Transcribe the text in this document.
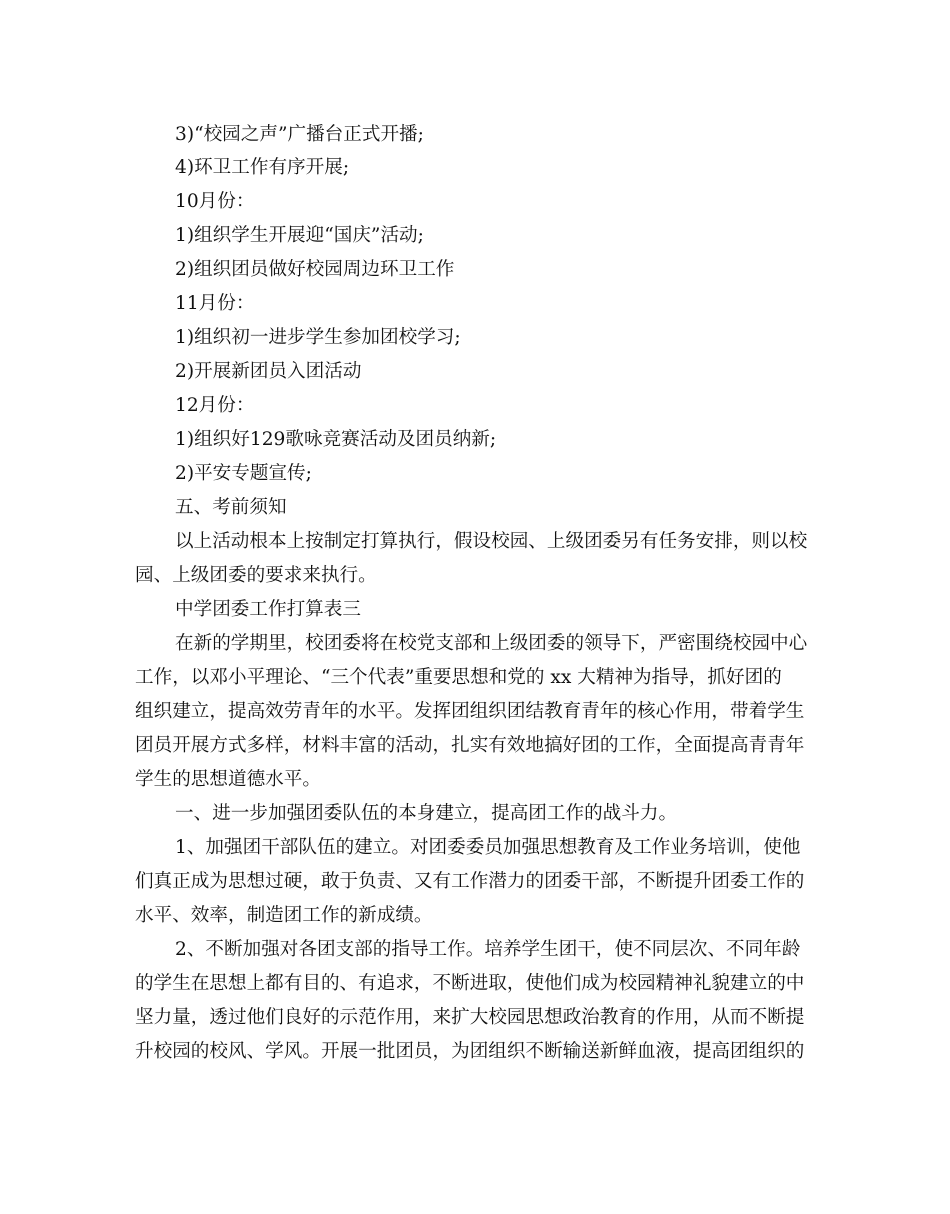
3)“校园之声”广播台正式开播;
4)环卫工作有序开展;
10月份：
1)组织学生开展迎“国庆”活动;
2)组织团员做好校园周边环卫工作
11月份：
1)组织初一进步学生参加团校学习;
2)开展新团员入团活动
12月份：
1)组织好129歌咏竞赛活动及团员纳新;
2)平安专题宣传;
五、考前须知
以上活动根本上按制定打算执行，假设校园、上级团委另有任务安排，则以校
园、上级团委的要求来执行。
中学团委工作打算表三
在新的学期里，校团委将在校党支部和上级团委的领导下，严密围绕校园中心
工作，以邓小平理论、“三个代表”重要思想和党的 xx 大精神为指导，抓好团的
组织建立，提高效劳青年的水平。发挥团组织团结教育青年的核心作用，带着学生
团员开展方式多样，材料丰富的活动，扎实有效地搞好团的工作，全面提高青青年
学生的思想道德水平。
一、进一步加强团委队伍的本身建立，提高团工作的战斗力。
1、加强团干部队伍的建立。对团委委员加强思想教育及工作业务培训，使他
们真正成为思想过硬，敢于负责、又有工作潜力的团委干部，不断提升团委工作的
水平、效率，制造团工作的新成绩。
2、不断加强对各团支部的指导工作。培养学生团干，使不同层次、不同年龄
的学生在思想上都有目的、有追求，不断进取，使他们成为校园精神礼貌建立的中
坚力量，透过他们良好的示范作用，来扩大校园思想政治教育的作用，从而不断提
升校园的校风、学风。开展一批团员，为团组织不断输送新鲜血液，提高团组织的
